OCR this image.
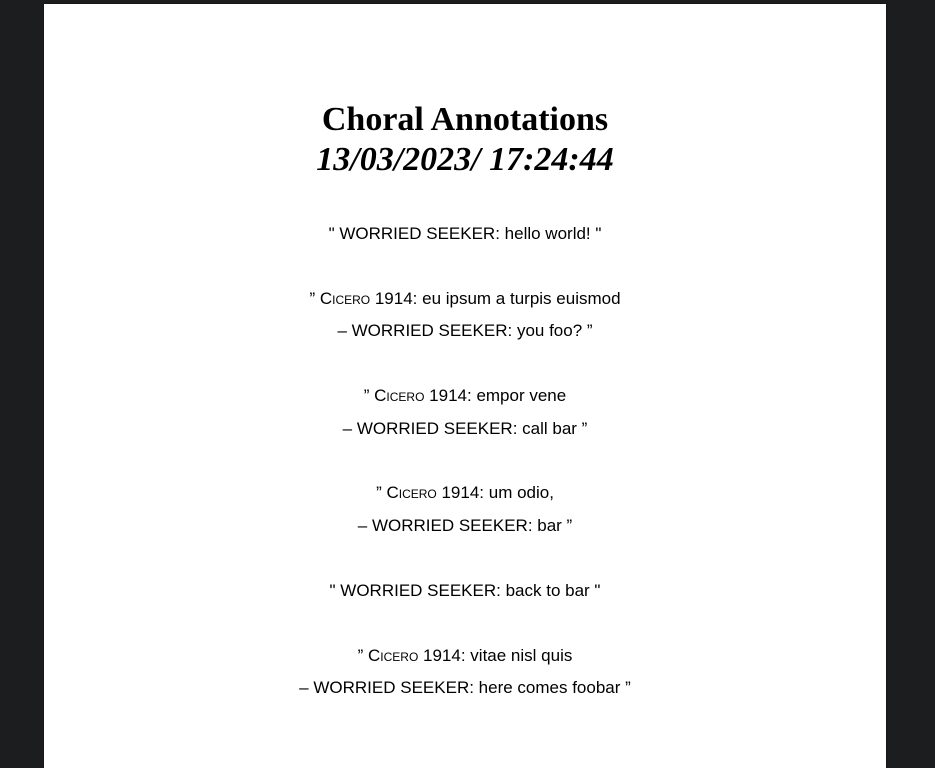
Choral Annotations
13/03/2023/ 17:24:44
" WORRIED SEEKER: hello world! "
” Cicero 1914: eu ipsum a turpis euismod
– WORRIED SEEKER: you foo? ”
” Cicero 1914: empor vene
– WORRIED SEEKER: call bar ”
” Cicero 1914: um odio,
– WORRIED SEEKER: bar ”
" WORRIED SEEKER: back to bar "
” Cicero 1914: vitae nisl quis
– WORRIED SEEKER: here comes foobar ”
